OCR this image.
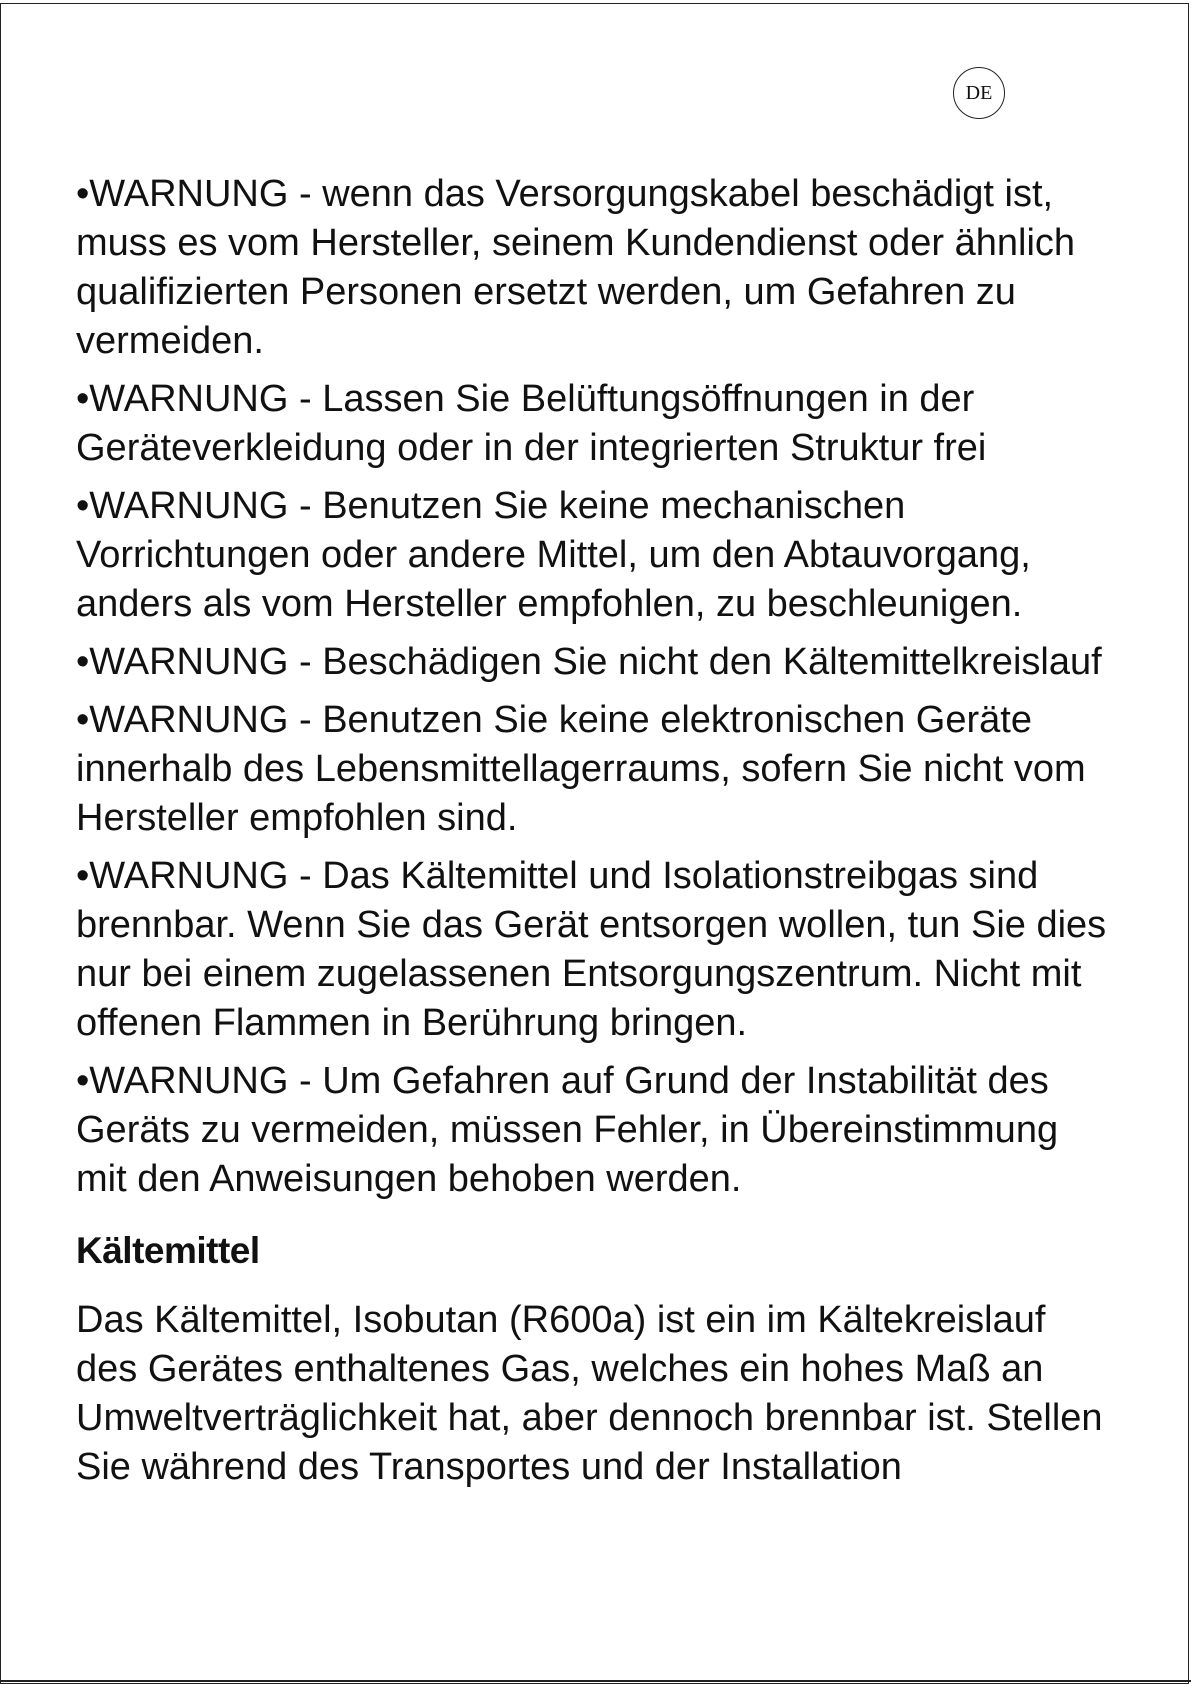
DE

•WARNUNG - wenn das Versorgungskabel beschädigt ist, muss es vom Hersteller, seinem Kundendienst oder ähnlich qualifizierten Personen ersetzt werden, um Gefahren zu vermeiden.

•WARNUNG - Lassen Sie Belüftungsöffnungen in der Geräteverkleidung oder in der integrierten Struktur frei

•WARNUNG - Benutzen Sie keine mechanischen Vorrichtungen oder andere Mittel, um den Abtauvorgang, anders als vom Hersteller empfohlen, zu beschleunigen.

•WARNUNG - Beschädigen Sie nicht den Kältemittelkreislauf

•WARNUNG - Benutzen Sie keine elektronischen Geräte innerhalb des Lebensmittellagerraums, sofern Sie nicht vom Hersteller empfohlen sind.

•WARNUNG - Das Kältemittel und Isolationstreibgas sind brennbar. Wenn Sie das Gerät entsorgen wollen, tun Sie dies nur bei einem zugelassenen Entsorgungszentrum. Nicht mit offenen Flammen in Berührung bringen.

•WARNUNG - Um Gefahren auf Grund der Instabilität des Geräts zu vermeiden, müssen Fehler, in Übereinstimmung mit den Anweisungen behoben werden.

Kältemittel

Das Kältemittel, Isobutan (R600a) ist ein im Kältekreislauf des Gerätes enthaltenes Gas, welches ein hohes Maß an Umweltverträglichkeit hat, aber dennoch brennbar ist. Stellen Sie während des Transportes und der Installation
